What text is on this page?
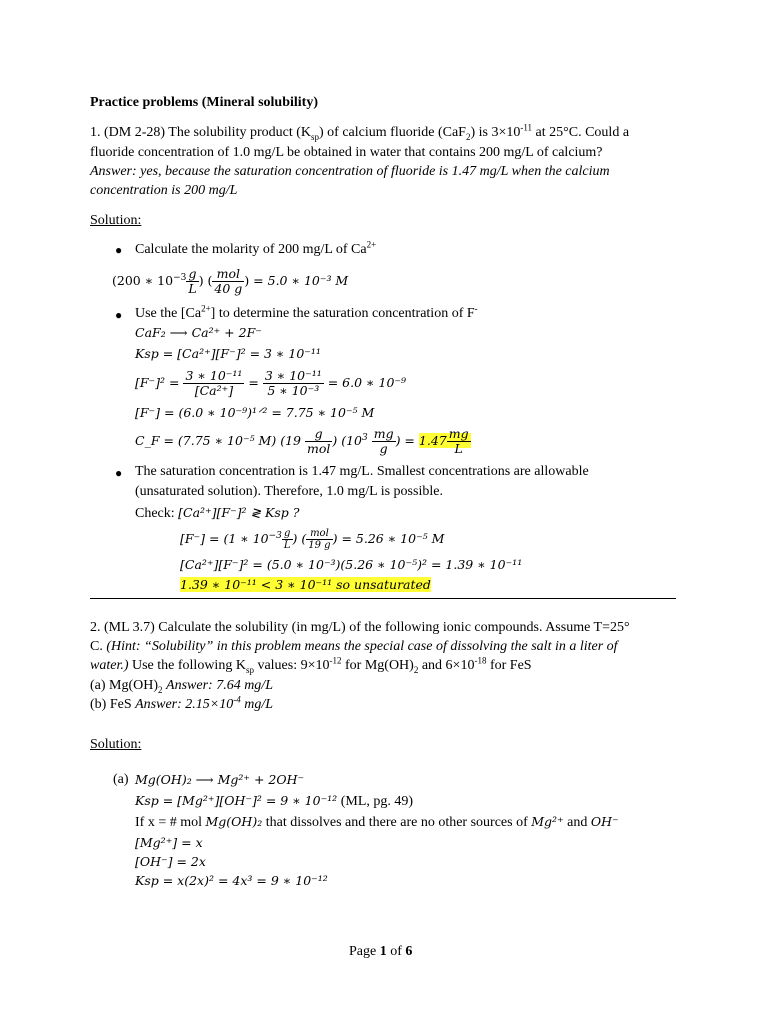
Practice problems (Mineral solubility)
1. (DM 2-28) The solubility product $(K_{sp})$ of calcium fluoride (CaF$_2$) is $3\times 10^{-11}$ at 25°C. Could a
fluoride concentration of 1.0 mg/L be obtained in water that contains 200 mg/L of calcium?
Answer: yes, because the saturation concentration of fluoride is 1.47 mg/L when the calcium
concentration is 200 mg/L
Solution:
● Calculate the molarity of 200 mg/L of $Ca^{2+}$
(200 ∗ $10^{-3} \frac{g}{L}$ ) ( $\frac{\text{mol}}{40 g}$ ) = 5.0 ∗ 10⁻³ M
● Use the $[Ca^{2+}]$ to determine the saturation concentration of F-
CaF₂ ⟶ Ca²⁺ + 2F⁻
Ksp = [Ca²⁺][F⁻]² = 3 ∗ 10⁻¹¹
$[F^-]^2 = \frac{\text{3 ∗ 10⁻¹¹}}{\text{[Ca²⁺]}} = \frac{\text{3 ∗ 10⁻¹¹}}{\text{5 ∗ 10⁻³}} = 6.0$ ∗ 10⁻⁹
[F⁻] = (6.0 ∗ 10⁻⁹)¹ᐟ² = 7.75 ∗ 10⁻⁵ M
C_F = (7.75 ∗ 10⁻⁵ M) ($19 \frac{g}{\text{mol}}$ ) ($10^3 \frac{mg}{g}$ ) = $1.47 \frac{mg}{L}$
● The saturation concentration is 1.47 mg/L. Smallest concentrations are allowable
(unsaturated solution). Therefore, 1.0 mg/L is possible.
Check: [Ca²⁺][F⁻]² ≷ Ksp ?
[F⁻] = (1 ∗ $10^{-3} \frac{g}{L}$ ) ( $\frac{\text{mol}}{19 g}$ ) = 5.26 ∗ 10⁻⁵ M
[Ca²⁺][F⁻]² = (5.0 ∗ 10⁻³)(5.26 ∗ 10⁻⁵)² = 1.39 ∗ 10⁻¹¹
1.39 ∗ 10⁻¹¹ < 3 ∗ 10⁻¹¹ so unsaturated
2. (ML 3.7) Calculate the solubility (in mg/L) of the following ionic compounds. Assume T=25°
C. (Hint: “Solubility” in this problem means the special case of dissolving the salt in a liter of
water.) Use the following $K_{sp}$ values: $9\times 10^{-12}$ for $Mg(OH)_2$ and $6\times 10^{-18}$ for FeS
(a) $Mg(OH)_2$ Answer: 7.64 mg/L
(b) FeS Answer: $2.15\times 10^{-4}$ mg/L
Solution:
(a) Mg(OH)₂ ⟶ Mg²⁺ + 2OH⁻
Ksp = [Mg²⁺][OH⁻]² = 9 ∗ 10⁻¹² (ML, pg. 49)
If x = # mol Mg(OH)₂ that dissolves and there are no other sources of Mg²⁺ and OH⁻
[Mg²⁺] = x
[OH⁻] = 2x
Ksp = x(2x)² = 4x³ = 9 ∗ 10⁻¹²
Page 1 of 6
